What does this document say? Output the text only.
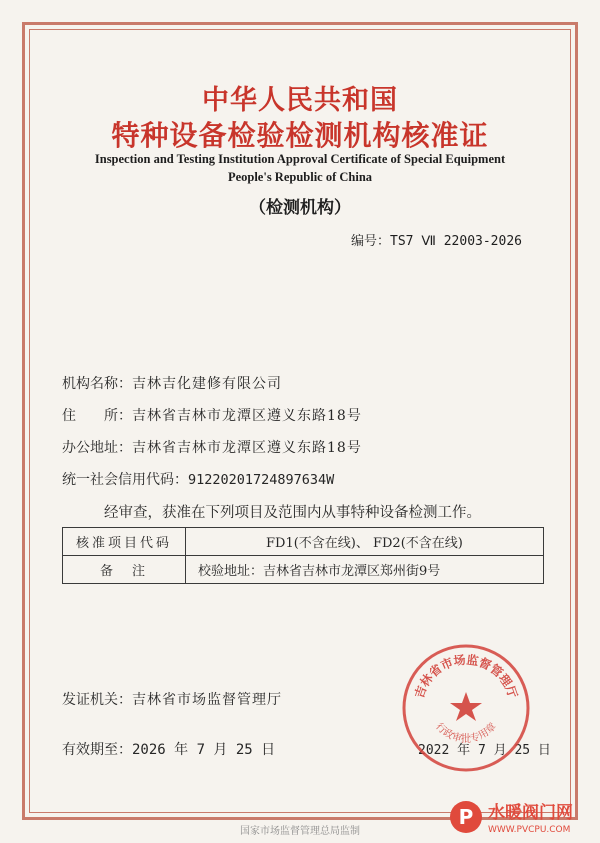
中华人民共和国
特种设备检验检测机构核准证
Inspection and Testing Institution Approval Certificate of Special Equipment
People's Republic of China
（检测机构）
编号：TS7 Ⅶ 22003-2026
机构名称：吉林吉化建修有限公司
住　　所：吉林省吉林市龙潭区遵义东路18号
办公地址：吉林省吉林市龙潭区遵义东路18号
统一社会信用代码：91220201724897634W
经审查，获准在下列项目及范围内从事特种设备检测工作。
核准项目代码	FD1(不含在线)、 FD2(不含在线)
备　注	校验地址：吉林省吉林市龙潭区郑州街9号
发证机关：吉林省市场监督管理厅
有效期至：2026 年 7 月 25 日	2022 年 7 月 25 日
吉林省市场监督管理厅
行政审批专用章
国家市场监督管理总局监制
P 水暖阀门网
WWW.PVCPU.COM
